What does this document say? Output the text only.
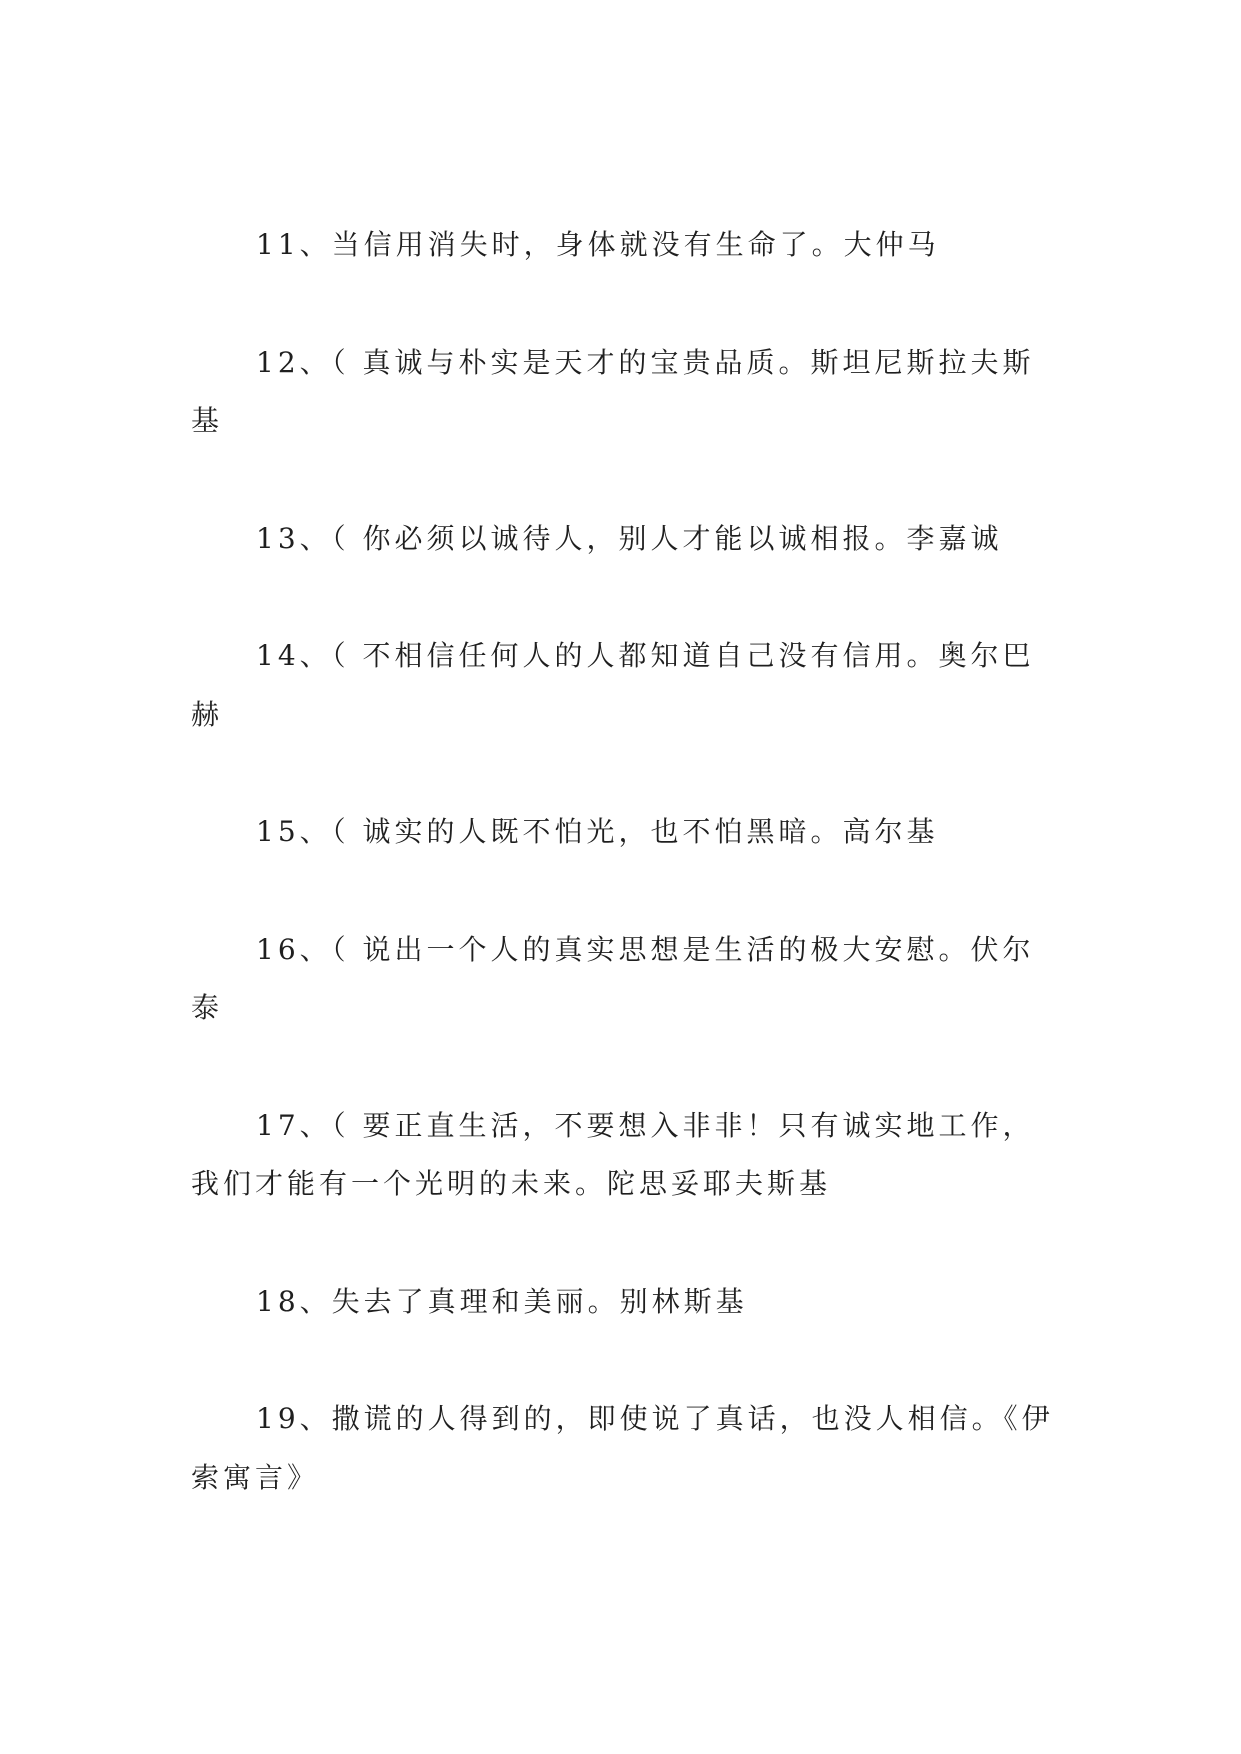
11、当信用消失时，身体就没有生命了。大仲马

12、（ 真诚与朴实是天才的宝贵品质。斯坦尼斯拉夫斯
基

13、（ 你必须以诚待人，别人才能以诚相报。李嘉诚

14、（ 不相信任何人的人都知道自己没有信用。奥尔巴
赫

15、（ 诚实的人既不怕光，也不怕黑暗。高尔基

16、（ 说出一个人的真实思想是生活的极大安慰。伏尔
泰

17、（ 要正直生活，不要想入非非！只有诚实地工作，
我们才能有一个光明的未来。陀思妥耶夫斯基

18、失去了真理和美丽。别林斯基

19、撒谎的人得到的，即使说了真话，也没人相信。《伊
索寓言》
